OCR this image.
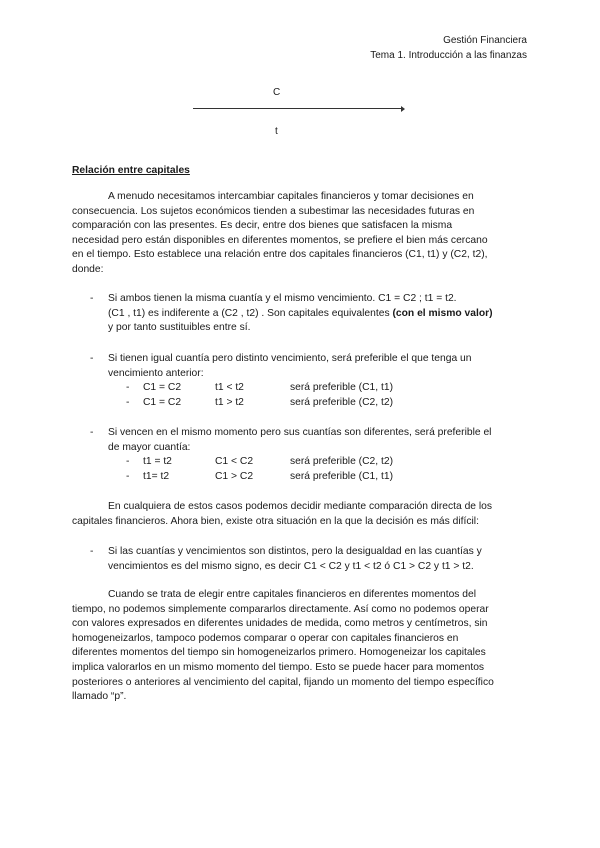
Gestión Financiera
Tema 1. Introducción a las finanzas
C
t
Relación entre capitales
A menudo necesitamos intercambiar capitales financieros y tomar decisiones en
consecuencia. Los sujetos económicos tienden a subestimar las necesidades futuras en
comparación con las presentes. Es decir, entre dos bienes que satisfacen la misma
necesidad pero están disponibles en diferentes momentos, se prefiere el bien más cercano
en el tiempo. Esto establece una relación entre dos capitales financieros (C1, t1) y (C2, t2),
donde:
- Si ambos tienen la misma cuantía y el mismo vencimiento. C1 = C2 ; t1 = t2.
(C1 , t1) es indiferente a (C2 , t2) . Son capitales equivalentes (con el mismo valor)
y por tanto sustituibles entre sí.
- Si tienen igual cuantía pero distinto vencimiento, será preferible el que tenga un
vencimiento anterior:
- C1 = C2	t1 < t2	será preferible (C1, t1)
- C1 = C2	t1 > t2	será preferible (C2, t2)
- Si vencen en el mismo momento pero sus cuantías son diferentes, será preferible el
de mayor cuantía:
- t1 = t2	C1 < C2	será preferible (C2, t2)
- t1= t2	C1 > C2	será preferible (C1, t1)
En cualquiera de estos casos podemos decidir mediante comparación directa de los
capitales financieros. Ahora bien, existe otra situación en la que la decisión es más difícil:
- Si las cuantías y vencimientos son distintos, pero la desigualdad en las cuantías y
vencimientos es del mismo signo, es decir C1 < C2 y t1 < t2 ó C1 > C2 y t1 > t2.
Cuando se trata de elegir entre capitales financieros en diferentes momentos del
tiempo, no podemos simplemente compararlos directamente. Así como no podemos operar
con valores expresados en diferentes unidades de medida, como metros y centímetros, sin
homogeneizarlos, tampoco podemos comparar o operar con capitales financieros en
diferentes momentos del tiempo sin homogeneizarlos primero. Homogeneizar los capitales
implica valorarlos en un mismo momento del tiempo. Esto se puede hacer para momentos
posteriores o anteriores al vencimiento del capital, fijando un momento del tiempo específico
llamado “p”.
